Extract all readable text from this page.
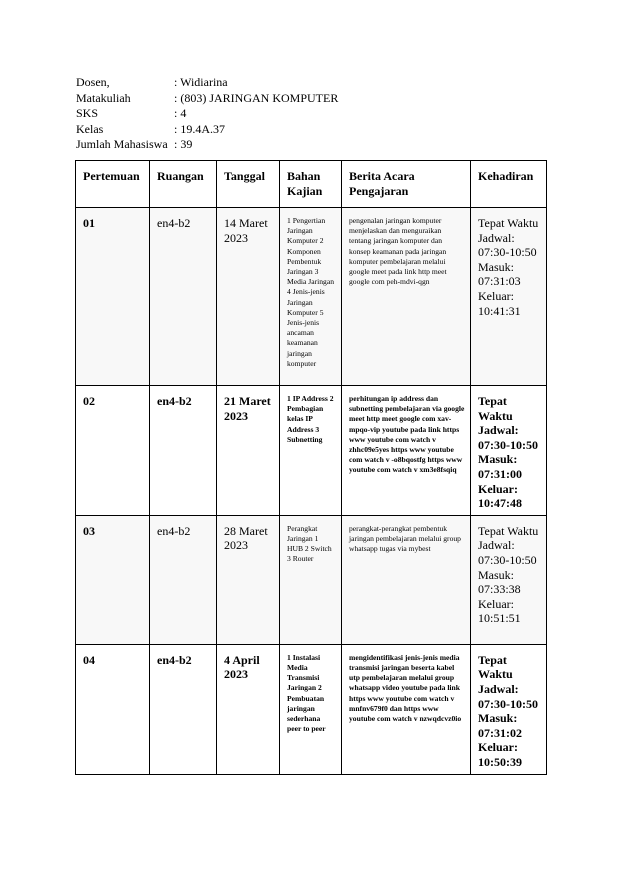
Dosen,	: Widiarina
Matakuliah	: (803) JARINGAN KOMPUTER
SKS	: 4
Kelas	: 19.4A.37
Jumlah Mahasiswa : 39
Pertemuan	Ruangan	Tanggal	Bahan Kajian	Berita Acara Pengajaran	Kehadiran
01	en4-b2	14 Maret 2023	1 Pengertian Jaringan Komputer 2 Komponen Pembentuk Jaringan 3 Media Jaringan 4 Jenis-jenis Jaringan Komputer 5 Jenis-jenis ancaman keamanan jaringan komputer	pengenalan jaringan komputer menjelaskan dan menguraikan tentang jaringan komputer dan konsep keamanan pada jaringan komputer pembelajaran melalui google meet pada link http meet google com peh-mdvi-qgn	Tepat Waktu Jadwal: 07:30-10:50 Masuk: 07:31:03 Keluar: 10:41:31
02	en4-b2	21 Maret 2023	1 IP Address 2 Pembagian kelas IP Address 3 Subnetting	perhitungan ip address dan subnetting pembelajaran via google meet http meet google com xav-mpqo-vip youtube pada link https www youtube com watch v zhhc09e5yes https www youtube com watch v -o8bqostfg https www youtube com watch v xm3e8fsqiq	Tepat Waktu Jadwal: 07:30-10:50 Masuk: 07:31:00 Keluar: 10:47:48
03	en4-b2	28 Maret 2023	Perangkat Jaringan 1 HUB 2 Switch 3 Router	perangkat-perangkat pembentuk jaringan pembelajaran melalui group whatsapp tugas via mybest	Tepat Waktu Jadwal: 07:30-10:50 Masuk: 07:33:38 Keluar: 10:51:51
04	en4-b2	4 April 2023	1 Instalasi Media Transmisi Jaringan 2 Pembuatan jaringan sederhana peer to peer	mengidentifikasi jenis-jenis media transmisi jaringan beserta kabel utp pembelajaran melalui group whatsapp video youtube pada link https www youtube com watch v mnfnv679f0 dan https www youtube com watch v nzwqdcvz0io	Tepat Waktu Jadwal: 07:30-10:50 Masuk: 07:31:02 Keluar: 10:50:39
